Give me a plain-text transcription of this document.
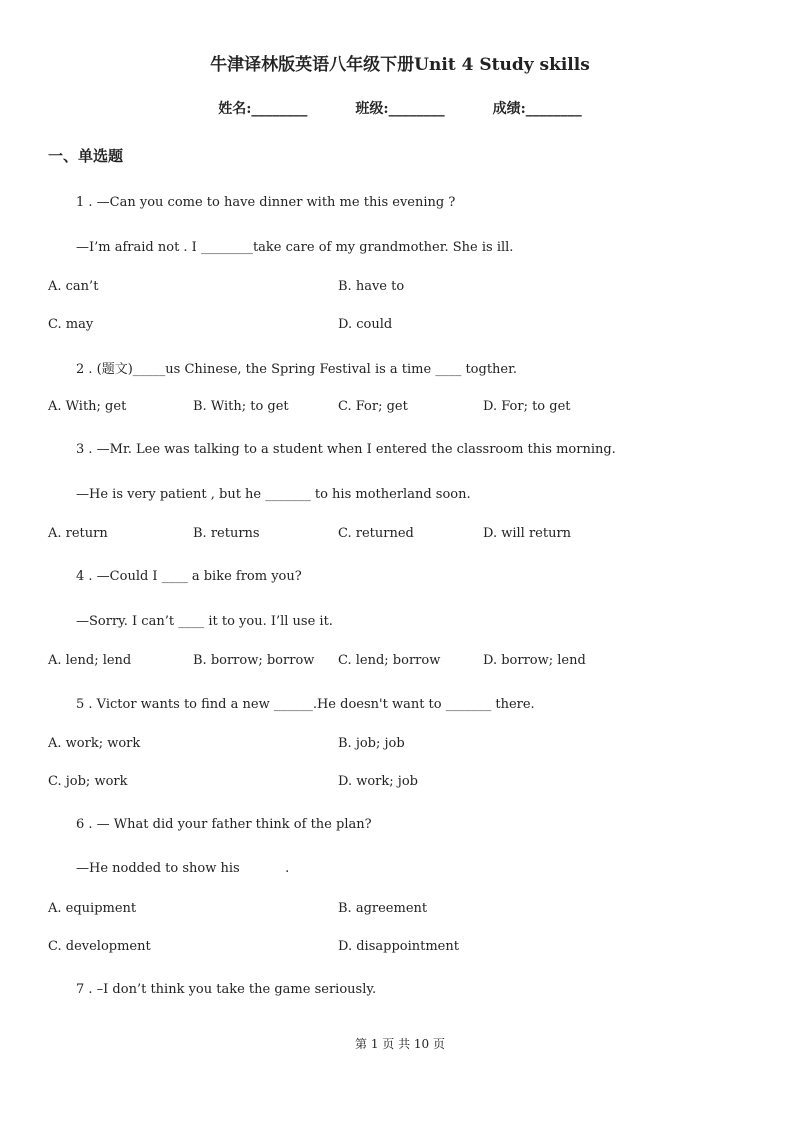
牛津译林版英语八年级下册Unit 4 Study skills
姓名:________	班级:________	成绩:________
一、单选题
1 . —Can you come to have dinner with me this evening ?
—I’m afraid not . I ________take care of my grandmother. She is ill.
A. can’t	B. have to
C. may	D. could
2 . (题文)_____us Chinese, the Spring Festival is a time ____ togther.
A. With; get	B. With; to get	C. For; get	D. For; to get
3 . —Mr. Lee was talking to a student when I entered the classroom this morning.
—He is very patient , but he _______ to his motherland soon.
A. return	B. returns	C. returned	D. will return
4 . —Could I ____ a bike from you?
—Sorry. I can’t ____ it to you. I’ll use it.
A. lend; lend	B. borrow; borrow C. lend; borrow	D. borrow; lend
5 . Victor wants to find a new ______.He doesn't want to _______ there.
A. work; work	B. job; job
C. job; work	D. work; job
6 . — What did your father think of the plan?
—He nodded to show his           .
A. equipment	B. agreement
C. development	D. disappointment
7 . –I don’t think you take the game seriously.
第 1 页 共 10 页
